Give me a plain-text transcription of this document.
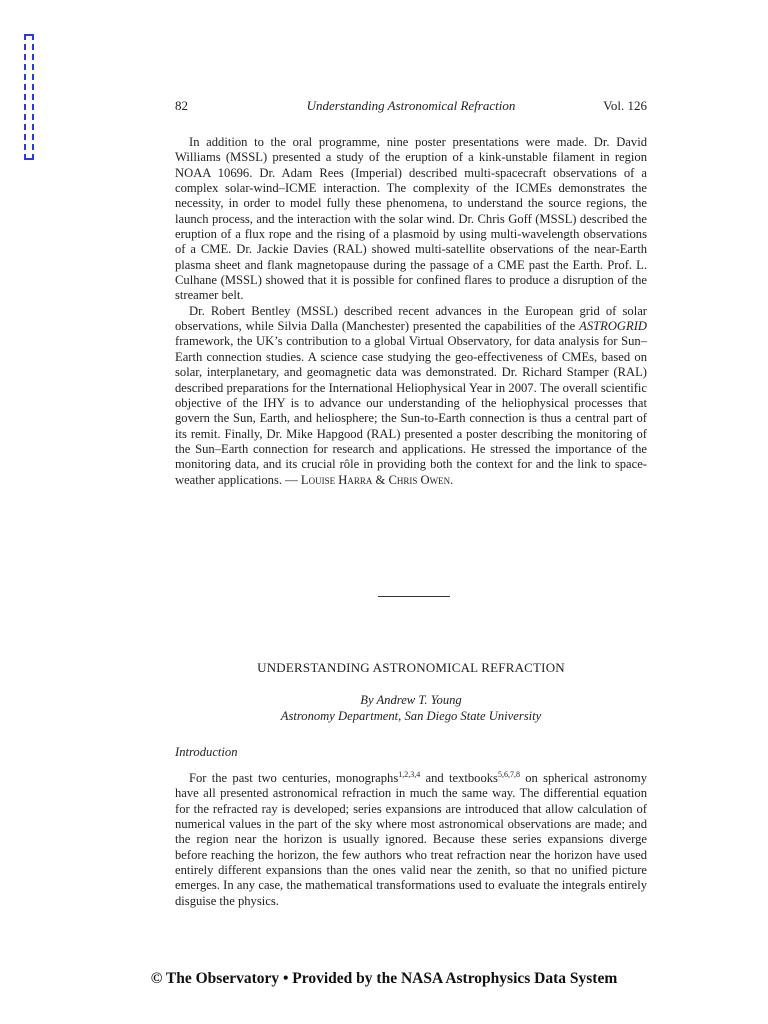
82	Understanding Astronomical Refraction	Vol. 126

In addition to the oral programme, nine poster presentations were made. Dr. David Williams (MSSL) presented a study of the eruption of a kink-unstable filament in region NOAA 10696. Dr. Adam Rees (Imperial) described multi-spacecraft observations of a complex solar-wind–ICME interaction. The complexity of the ICMEs demonstrates the necessity, in order to model fully these phenomena, to understand the source regions, the launch process, and the interaction with the solar wind. Dr. Chris Goff (MSSL) described the eruption of a flux rope and the rising of a plasmoid by using multi-wavelength observations of a CME. Dr. Jackie Davies (RAL) showed multi-satellite observations of the near-Earth plasma sheet and flank magnetopause during the passage of a CME past the Earth. Prof. L. Culhane (MSSL) showed that it is possible for confined flares to produce a disruption of the streamer belt.

Dr. Robert Bentley (MSSL) described recent advances in the European grid of solar observations, while Silvia Dalla (Manchester) presented the capabilities of the ASTROGRID framework, the UK’s contribution to a global Virtual Observatory, for data analysis for Sun–Earth connection studies. A science case studying the geo-effectiveness of CMEs, based on solar, interplanetary, and geomagnetic data was demonstrated. Dr. Richard Stamper (RAL) described preparations for the International Heliophysical Year in 2007. The overall scientific objective of the IHY is to advance our understanding of the heliophysical processes that govern the Sun, Earth, and heliosphere; the Sun-to-Earth connection is thus a central part of its remit. Finally, Dr. Mike Hapgood (RAL) presented a poster describing the monitoring of the Sun–Earth connection for research and applications. He stressed the importance of the monitoring data, and its crucial rôle in providing both the context for and the link to space-weather applications. — Louise Harra & Chris Owen.

UNDERSTANDING ASTRONOMICAL REFRACTION
By Andrew T. Young
Astronomy Department, San Diego State University
Introduction

For the past two centuries, monographs$^{1,2,3,4}$ and textbooks$^{5,6,7,8}$ on spherical astronomy have all presented astronomical refraction in much the same way. The differential equation for the refracted ray is developed; series expansions are introduced that allow calculation of numerical values in the part of the sky where most astronomical observations are made; and the region near the horizon is usually ignored. Because these series expansions diverge before reaching the horizon, the few authors who treat refraction near the horizon have used entirely different expansions than the ones valid near the zenith, so that no unified picture emerges. In any case, the mathematical transformations used to evaluate the integrals entirely disguise the physics.

© The Observatory • Provided by the NASA Astrophysics Data System
